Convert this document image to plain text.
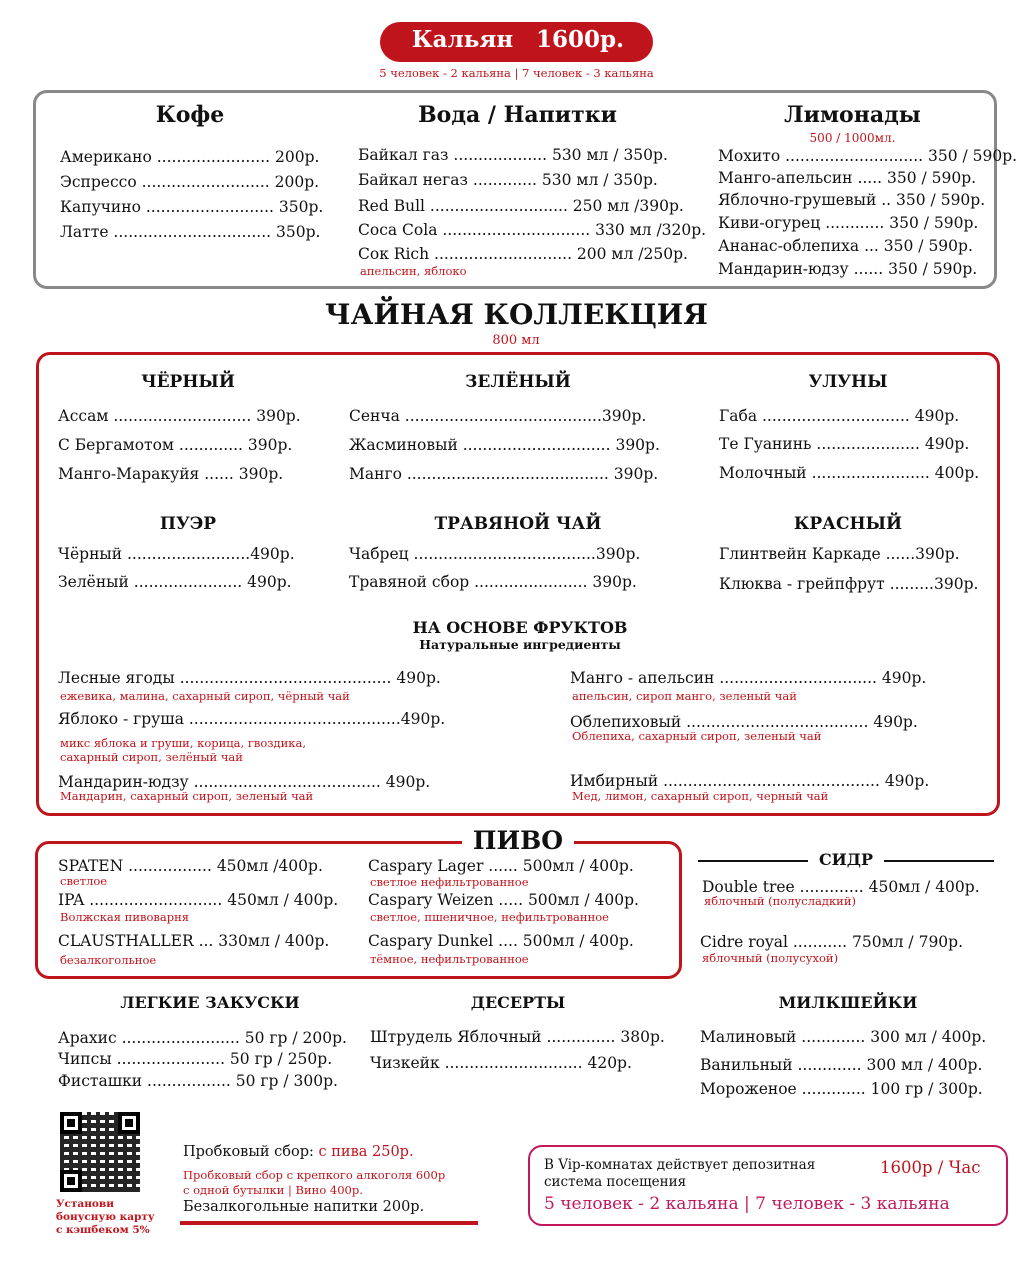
Кальян 1600р.
5 человек - 2 кальяна | 7 человек - 3 кальяна
Кофе
Американо ....................... 200р.
Эспрессо .......................... 200р.
Капучино .......................... 350р.
Латте ................................ 350р.
Вода / Напитки
Байкал газ ................... 530 мл / 350р.
Байкал негаз ............. 530 мл / 350р.
Red Bull ............................ 250 мл /390р.
Coca Cola .............................. 330 мл /320р.
Сок Rich ............................ 200 мл /250р.
апельсин, яблоко
Лимонады
500 / 1000мл.
Мохито ............................ 350 / 590р.
Манго-апельсин ..... 350 / 590р.
Яблочно-грушевый .. 350 / 590р.
Киви-огурец ............ 350 / 590р.
Ананас-облепиха ... 350 / 590р.
Мандарин-юдзу ...... 350 / 590р.
ЧАЙНАЯ КОЛЛЕКЦИЯ
800 мл
ЧЁРНЫЙ	ЗЕЛЁНЫЙ	УЛУНЫ
Ассам ............................ 390р.
С Бергамотом ............. 390р.
Манго-Маракуйя ...... 390р.
Сенча ........................................390р.
Жасминовый .............................. 390р.
Манго ......................................... 390р.
Габа .............................. 490р.
Те Гуанинь ..................... 490р.
Молочный ........................ 400р.
ПУЭР	ТРАВЯНОЙ ЧАЙ	КРАСНЫЙ
Чёрный .........................490р.
Зелёный ...................... 490р.
Чабрец .....................................390р.
Травяной сбор ....................... 390р.
Глинтвейн Каркаде ......390р.
Клюква - грейпфрут .........390р.
НА ОСНОВЕ ФРУКТОВ
Натуральные ингредиенты
Лесные ягоды ........................................... 490р.
ежевика, малина, сахарный сироп, чёрный чай
Яблоко - груша ...........................................490р.
микс яблока и груши, корица, гвоздика,
сахарный сироп, зелёный чай
Мандарин-юдзу ...................................... 490р.
Мандарин, сахарный сироп, зеленый чай
Манго - апельсин ................................ 490р.
апельсин, сироп манго, зеленый чай
Облепиховый ..................................... 490р.
Облепиха, сахарный сироп, зеленый чай
Имбирный ............................................ 490р.
Мед, лимон, сахарный сироп, черный чай
ПИВО
SPATEN ................. 450мл /400р.
светлое
IPA ........................... 450мл / 400р.
Волжская пивоварня
CLAUSTHALLER ... 330мл / 400р.
безалкогольное
Caspary Lager ...... 500мл / 400р.
светлое нефильтрованное
Caspary Weizen ..... 500мл / 400р.
светлое, пшеничное, нефильтрованное
Caspary Dunkel .... 500мл / 400р.
тёмное, нефильтрованное
СИДР
Double tree ............. 450мл / 400р.
яблочный (полусладкий)
Cidre royal ........... 750мл / 790р.
яблочный (полусухой)
ЛЕГКИЕ ЗАКУСКИ
Арахис ........................ 50 гр / 200р.
Чипсы ...................... 50 гр / 250р.
Фисташки ................. 50 гр / 300р.
ДЕСЕРТЫ
Штрудель Яблочный .............. 380р.
Чизкейк ............................ 420р.
МИЛКШЕЙКИ
Малиновый ............. 300 мл / 400р.
Ванильный ............. 300 мл / 400р.
Мороженое ............. 100 гр / 300р.
Установи
бонусную карту
с кэшбеком 5%
Пробковый сбор: с пива 250р.
Пробковый сбор с крепкого алкоголя 600р
с одной бутылки | Вино 400р.
Безалкогольные напитки 200р.
В Vip-комнатах действует депозитная
система посещения
1600р / Час
5 человек - 2 кальяна | 7 человек - 3 кальяна
